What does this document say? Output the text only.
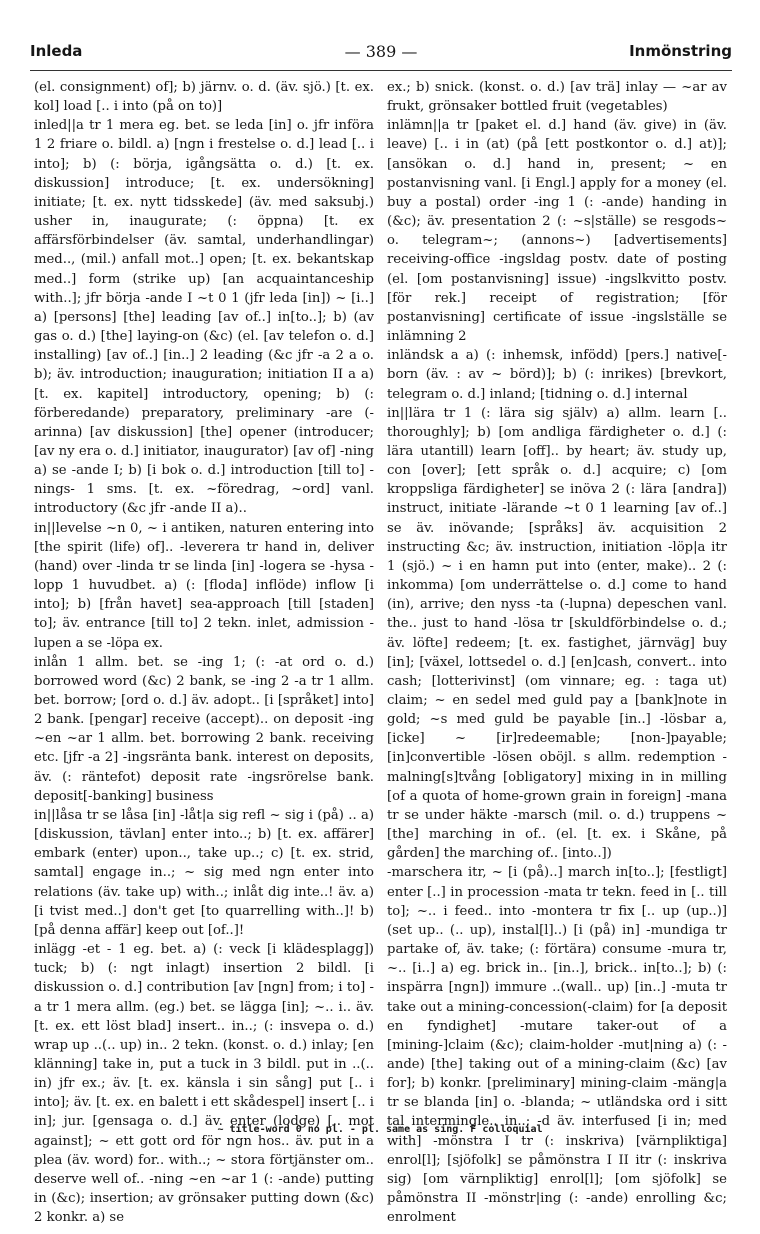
Inleda	— 389 —	Inmönstring

(el. consignment) of]; b) järnv. o. d. (äv. sjö.) [t. ex. kol] load [.. i into (på on to)]

inled||a tr 1 mera eg. bet. se leda [in] o. jfr införa 1 2 friare o. bildl. a) [ngn i frestelse o. d.] lead [.. i into]; b) (: börja, igångsätta o. d.) [t. ex. diskussion] introduce; [t. ex. undersökning] initiate; [t. ex. nytt tidsskede] (äv. med saksubj.) usher in, inaugurate; (: öppna) [t. ex affärsförbindelser (äv. samtal, underhandlingar) med.., (mil.) anfall mot..] open; [t. ex. bekantskap med..] form (strike up) [an acquaintanceship with..]; jfr börja -ande I ~t 0 1 (jfr leda [in]) ~ [i..] a) [persons] [the] leading [av of..] in[to..]; b) (av gas o. d.) [the] laying-on (&c) (el. [av telefon o. d.] installing) [av of..] [in..] 2 leading (&c jfr -a 2 a o. b); äv. introduction; inauguration; initiation II a a) [t. ex. kapitel] introductory, opening; b) (: förberedande) preparatory, preliminary -are (-arinna) [av diskussion] [the] opener (introducer; [av ny era o. d.] initiator, inaugurator) [av of] -ning a) se -ande I; b) [i bok o. d.] introduction [till to] -nings- 1 sms. [t. ex. ~föredrag, ~ord] vanl. introductory (&c jfr -ande II a)..

in||levelse ~n 0, ~ i antiken, naturen entering into [the spirit (life) of].. -leverera tr hand in, deliver (hand) over -linda tr se linda [in] -logera se -hysa -lopp 1 huvudbet. a) (: [floda] inflöde) inflow [i into]; b) [från havet] sea-approach [till [staden] to]; äv. entrance [till to] 2 tekn. inlet, admission -lupen a se -löpa ex.

inlån 1 allm. bet. se -ing 1; (: -at ord o. d.) borrowed word (&c) 2 bank, se -ing 2 -a tr 1 allm. bet. borrow; [ord o. d.] äv. adopt.. [i [språket] into] 2 bank. [pengar] receive (accept).. on deposit -ing ~en ~ar 1 allm. bet. borrowing 2 bank. receiving etc. [jfr -a 2] -ingsränta bank. interest on deposits, äv. (: räntefot) deposit rate -ingsrörelse bank. deposit[-banking] business

in||låsa tr se låsa [in] -låt|a sig refl ~ sig i (på) .. a) [diskussion, tävlan] enter into..; b) [t. ex. affärer] embark (enter) upon.., take up..; c) [t. ex. strid, samtal] engage in..; ~ sig med ngn enter into relations (äv. take up) with..; inlåt dig inte..! äv. a) [i tvist med..] don't get [to quarrelling with..]! b) [på denna affär] keep out [of..]!

inlägg -et - 1 eg. bet. a) (: veck [i klädesplagg]) tuck; b) (: ngt inlagt) insertion 2 bildl. [i diskussion o. d.] contribution [av [ngn] from; i to] -a tr 1 mera allm. (eg.) bet. se lägga [in]; ~.. i.. äv. [t. ex. ett löst blad] insert.. in..; (: insvepa o. d.) wrap up ..(.. up) in.. 2 tekn. (konst. o. d.) inlay; [en klänning] take in, put a tuck in 3 bildl. put in ..(.. in) jfr ex.; äv. [t. ex. känsla i sin sång] put [.. i into]; äv. [t. ex. en balett i ett skådespel] insert [.. i in]; jur. [gensaga o. d.] äv. enter (lodge) [.. mot against]; ~ ett gott ord för ngn hos.. äv. put in a plea (äv. word) for.. with..; ~ stora förtjänster om.. deserve well of.. -ning ~en ~ar 1 (: -ande) putting in (&c); insertion; av grönsaker putting down (&c) 2 konkr. a) se

ex.; b) snick. (konst. o. d.) [av trä] inlay — ~ar av frukt, grönsaker bottled fruit (vegetables)

inlämn||a tr [paket el. d.] hand (äv. give) in (äv. leave) [.. i in (at) (på [ett postkontor o. d.] at)]; [ansökan o. d.] hand in, present; ~ en postanvisning vanl. [i Engl.] apply for a money (el. buy a postal) order -ing 1 (: -ande) handing in (&c); äv. presentation 2 (: ~s|ställe) se resgods~ o. telegram~; (annons~) [advertisements] receiving-office -ingsldag postv. date of posting (el. [om postanvisning] issue) -ingslkvitto postv. [för rek.] receipt of registration; [för postanvisning] certificate of issue -ingslställe se inlämning 2

inländsk a a) (: inhemsk, infödd) [pers.] native[-born (äv. : av ~ börd)]; b) (: inrikes) [brevkort, telegram o. d.] inland; [tidning o. d.] internal

in||lära tr 1 (: lära sig själv) a) allm. learn [.. thoroughly]; b) [om andliga färdigheter o. d.] (: lära utantill) learn [off].. by heart; äv. study up, con [over]; [ett språk o. d.] acquire; c) [om kroppsliga färdigheter] se inöva 2 (: lära [andra]) instruct, initiate -lärande ~t 0 1 learning [av of..] se äv. inövande; [språks] äv. acquisition 2 instructing &c; äv. instruction, initiation -löp|a itr 1 (sjö.) ~ i en hamn put into (enter, make).. 2 (: inkomma) [om underrättelse o. d.] come to hand (in), arrive; den nyss -ta (-lupna) depeschen vanl. the.. just to hand -lösa tr [skuldförbindelse o. d.; äv. löfte] redeem; [t. ex. fastighet, järnväg] buy [in]; [växel, lottsedel o. d.] [en]cash, convert.. into cash; [lotterivinst] (om vinnare; eg. : taga ut) claim; ~ en sedel med guld pay a [bank]note in gold; ~s med guld be payable [in..] -lösbar a, [icke] ~ [ir]redeemable; [non-]payable; [in]convertible -lösen oböjl. s allm. redemption -malning[s]tvång [obligatory] mixing in in milling [of a quota of home-grown grain in foreign] -mana tr se under häkte -marsch (mil. o. d.) truppens ~ [the] marching in of.. (el. [t. ex. i Skåne, på gården] the marching of.. [into..])

-marschera itr, ~ [i (på)..] march in[to..]; [festligt] enter [..] in procession -mata tr tekn. feed in [.. till to]; ~.. i feed.. into -montera tr fix [.. up (up..)] (set up.. (.. up), instal[l]..) [i (på) in] -mundiga tr partake of, äv. take; (: förtära) consume -mura tr, ~.. [i..] a) eg. brick in.. [in..], brick.. in[to..]; b) (: inspärra [ngn]) immure ..(wall.. up) [in..] -muta tr take out a mining-concession(-claim) for [a deposit en fyndighet] -mutare taker-out of a [mining-]claim (&c); claim-holder -mut|ning a) (: -ande) [the] taking out of a mining-claim (&c) [av for]; b) konkr. [preliminary] mining-claim -mäng|a tr se blanda [in] o. -blanda; ~ utländska ord i sitt tal intermingle.. in..; -d äv. interfused [i in; med with] -mönstra I tr (: inskriva) [värnpliktiga] enrol[l]; [sjöfolk] se påmönstra I II itr (: inskriva sig) [om värnpliktig] enrol[l]; [om sjöfolk] se påmönstra II -mönstr|ing (: -ande) enrolling &c; enrolment

~ title-word 0 no pl. - pl. same as sing. F colloquial
